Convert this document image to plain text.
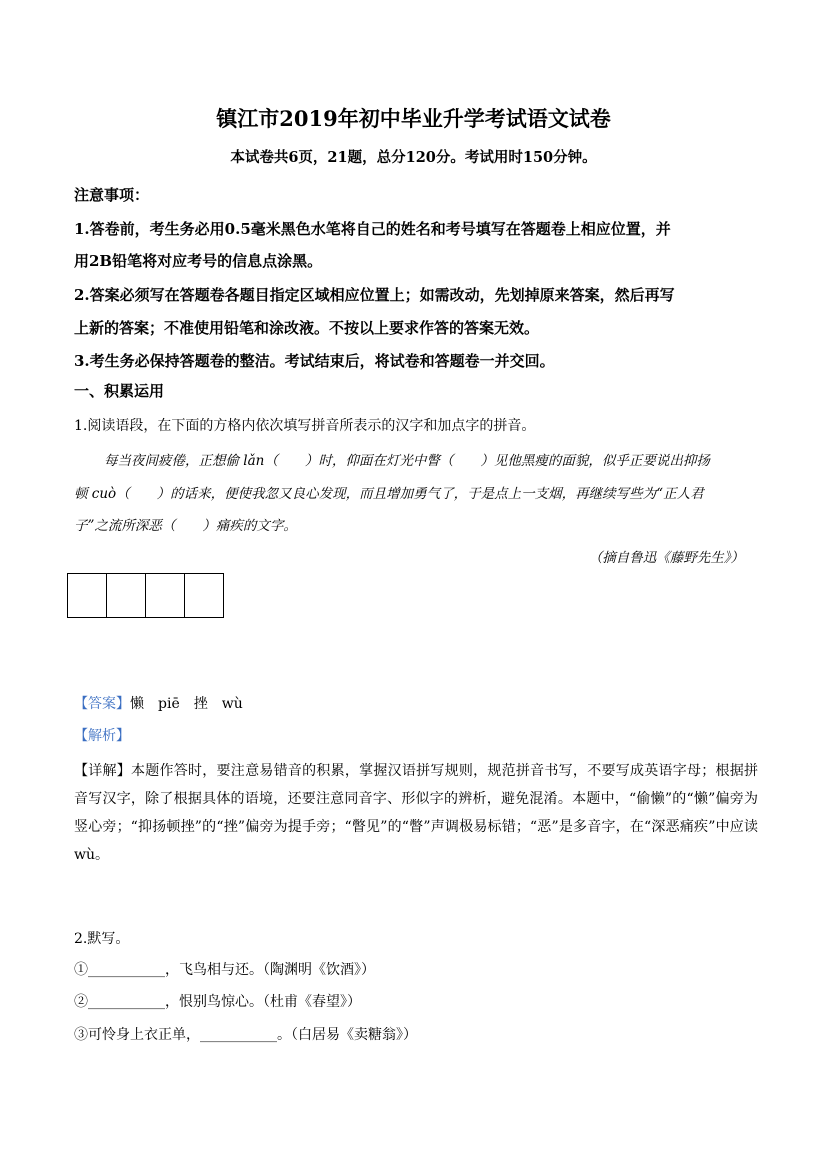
镇江市2019年初中毕业升学考试语文试卷
本试卷共6页，21题，总分120分。考试用时150分钟。
注意事项：
1.答卷前，考生务必用0.5毫米黑色水笔将自己的姓名和考号填写在答题卷上相应位置，并
用2B铅笔将对应考号的信息点涂黑。
2.答案必须写在答题卷各题目指定区域相应位置上；如需改动，先划掉原来答案，然后再写
上新的答案；不准使用铅笔和涂改液。不按以上要求作答的答案无效。
3.考生务必保持答题卷的整洁。考试结束后，将试卷和答题卷一并交回。
一、积累运用
1.阅读语段，在下面的方格内依次填写拼音所表示的汉字和加点字的拼音。
每当夜间疲倦，正想偷 lǎn（　　）时，仰面在灯光中瞥（　　）见他黑瘦的面貌，似乎正要说出抑扬
顿 cuò（　　）的话来，便使我忽又良心发现，而且增加勇气了，于是点上一支烟，再继续写些为“正人君
子”之流所深恶（　　）痛疾的文字。
（摘自鲁迅《藤野先生》）
【答案】懒　piē　挫　wù
【解析】
【详解】本题作答时，要注意易错音的积累，掌握汉语拼写规则，规范拼音书写，不要写成英语字母；根据拼音写汉字，除了根据具体的语境，还要注意同音字、形似字的辨析，避免混淆。本题中，“偷懒”的“懒”偏旁为竖心旁；“抑扬顿挫”的“挫”偏旁为提手旁；“瞥见”的“瞥”声调极易标错；“恶”是多音字，在“深恶痛疾”中应读 wù。
2.默写。
①___________，飞鸟相与还。（陶渊明《饮酒》）
②___________，恨别鸟惊心。（杜甫《春望》）
③可怜身上衣正单，___________。（白居易《卖糖翁》）
